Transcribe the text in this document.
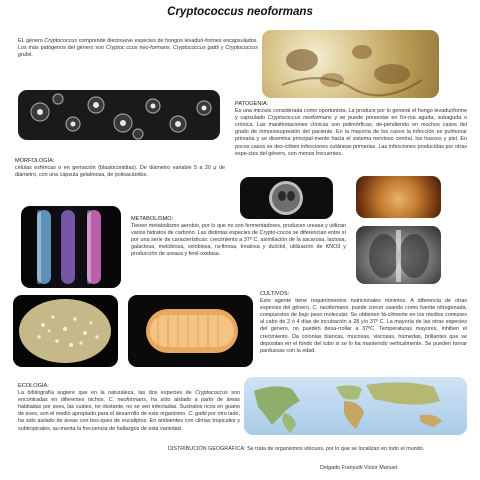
Cryptococcus neoformans
EL género Cryptococcus comprende diecinueve especies de hongos levaduri-formes encapsulados. Los más patógenos del género son Cryptoc ccus neo-formans, Cryptococcus gattii y Cryptococcus grubii.
PATOGENIA:
Es una micosis considerada como oportunista. La produce por lo general el hongo levaduriforme y capsulado Cryptococcus neoformans y se puede presentar en for-ma aguda, subaguda o crónica. Las manifestaciones clínicas son polimórficas, de-pendiendo en muchos casos del grado de inmunosupresión del paciente. En la mayoría de los casos la infección es pulmonar primaria y se disemina principal-mente hacia el sistema nervioso central, los huesos y piel. En pocos casos se des-criben infecciones cutáneas primarias. Las infecciones producidas por otras espe-cies del género, son menos frecuentes.
MORFOLOGÍA:
células esféricas o en gemación (blastoconidias). De diámetro variable 5 a 20 μ de diámetro, con una cápsula gelatinosa, de polisacáridos.
METABOLISMO:
Tienen metabolismo aerobio, por lo que no son fermentadores, producen ureasa y utilizan varios hidratos de carbono. Las distintas especies de Crypto-cocos se diferencian entre sí por una serie de características: crecimiento a 37º C, asimilación de la sacarosa, lactosa, galactosa, melobiosa, celobiosa, ra-finosa, trealosa y dulcitol, utilización de KNO3 y producción de ureasa y fenil-oxidasa.
CULTIVOS:
Este agente tiene requerimientos nutricionales mínimos. A diferencia de otras especies del género, C. neoformans, puede crecer usando como fuente nitrogenada, compuestos de bajo peso molecular. Se obtienen fá-cilmente en los medios comunes al cabo de 2 ó 4 días de incubación a 28 y/o 37º C. La mayoría de las otras especies del género, no pueden desa-rrollar a 37ºC. Temperaturas mayores, inhiben el crecimiento. Da colonias blancas, mucosas, viscosas, húmedas, brillantes que se depositan en el fondo del tubo si se lo ha mantenido verticalmente. Se pueden tornar parduscas con la edad.
ECOLOGÍA:
La bibliografía sugiere que en la naturaleza, las dos especies de Cryptococcus son encontradas en diferentes nichos. C. neoformans, ha sido aislado a partir de áreas habitadas por aves, las cuales, no obstante, no se ven infectadas. Sustratos ricos en guano de aves, son el medio apropiado para el desarrollo de este organismo. C. gattii por otro lado, ha sido aislado de áreas con bos-ques de eucaliptos. En ambientes con climas tropicales y subtropicales, au-menta la frecuencia de hallazgos de esta variedad.
DISTRIBUCIÓN GEOGRÁFICA: Se trata de organismos ubicuos, por lo que se localizan en todo el mundo.
Delgado Franyutti Victor Manuel.
